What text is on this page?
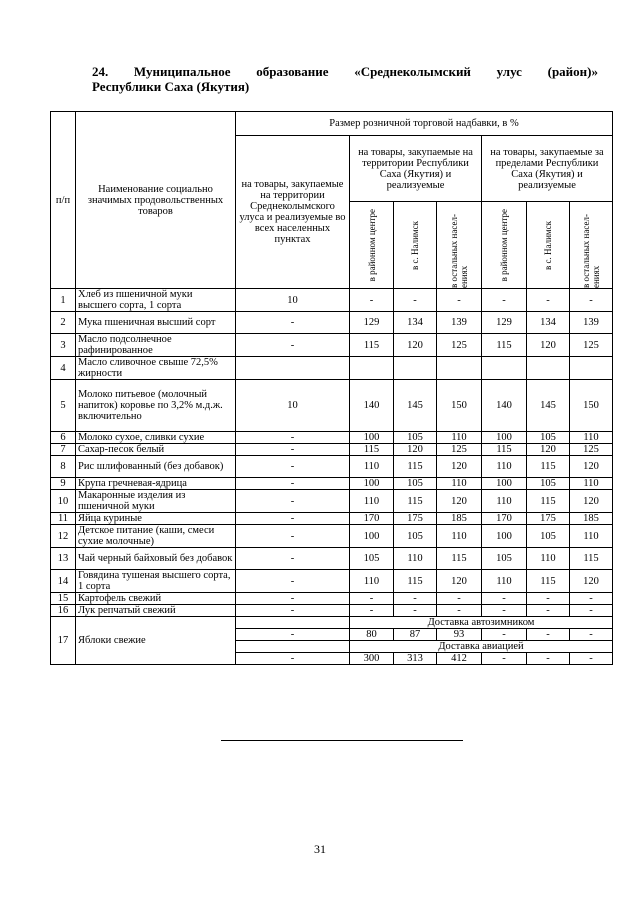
24. Муниципальное образование «Среднеколымский улус (район)»
Республики Саха (Якутия)
п/п	Наименование социально значимых продовольственных товаров	Размер розничной торговой надбавки, в %						
		на товары, закупаемые на территории Среднеколымского улуса и реализуемые во всех населенных пунктах	на товары, закупаемые на территории Республики Саха (Якутия) и реализуемые			на товары, закупаемые за пределами Республики Саха (Якутия) и реализуемые		

			в районном центре	в с. Налимск	в остальных населениях	в районном центре	в с. Налимск	в остальных населениях

1	Хлеб из пшеничной муки высшего сорта, 1 сорта	10	-	-	-	-	-	-
2	Мука пшеничная высший сорт	-	129	134	139	129	134	139
3	Масло подсолнечное рафинированное	-	115	120	125	115	120	125
4	Масло сливочное свыше 72,5% жирности							
5	Молоко питьевое (молочный напиток) коровье по 3,2% м.д.ж. включительно	10	140	145	150	140	145	150
6	Молоко сухое, сливки сухие	-	100	105	110	100	105	110
7	Сахар-песок белый	-	115	120	125	115	120	125
8	Рис шлифованный (без добавок)	-	110	115	120	110	115	120
9	Крупа гречневая-ядрица	-	100	105	110	100	105	110
10	Макаронные изделия из пшеничной муки	-	110	115	120	110	115	120
11	Яйца куриные	-	170	175	185	170	175	185
12	Детское питание (каши, смеси сухие молочные)	-	100	105	110	100	105	110
13	Чай черный байховый без добавок	-	105	110	115	105	110	115
14	Говядина тушеная высшего сорта, 1 сорта	-	110	115	120	110	115	120
15	Картофель свежий	-	-	-	-	-	-	-
16	Лук репчатый свежий	-	-	-	-	-	-	-
17	Яблоки свежие		Доставка автозимником					
		-	80	87	93	-	-	-
			Доставка авиацией					
		-	300	313	412	-	-	-
31
